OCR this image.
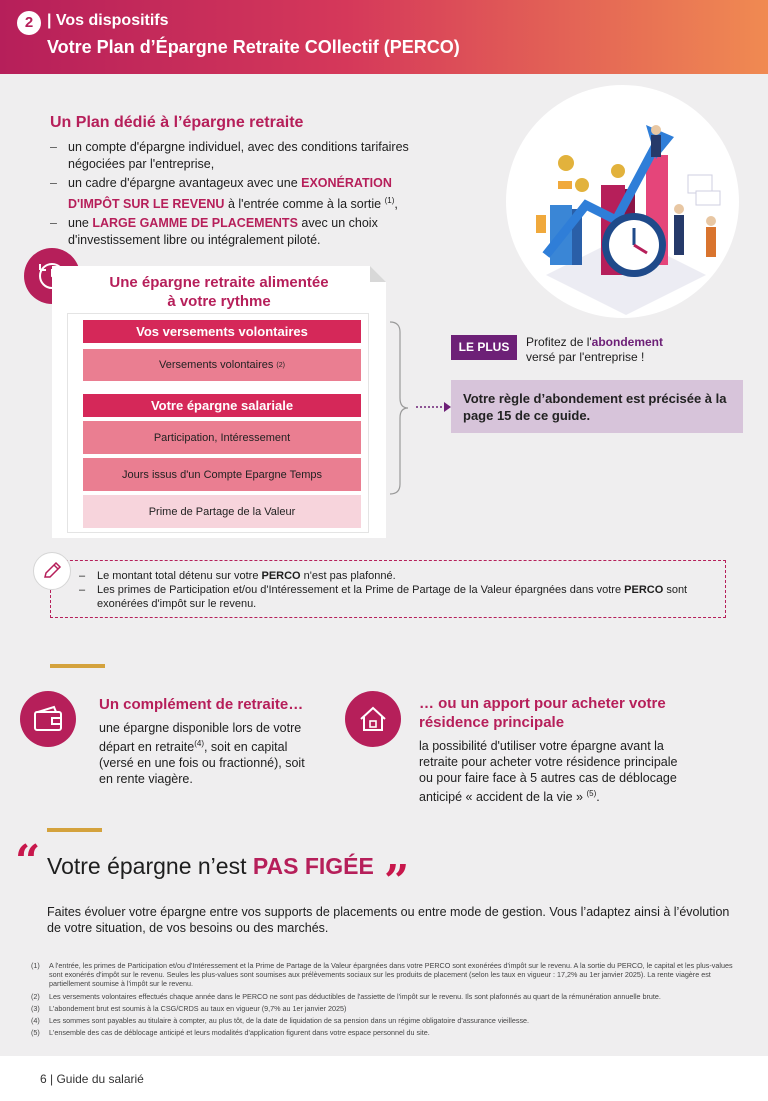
2 | Vos dispositifs
Votre Plan d’Épargne Retraite COllectif (PERCO)
Un Plan dédié à l’épargne retraite
– un compte d'épargne individuel, avec des conditions tarifaires négociées par l'entreprise,
– un cadre d'épargne avantageux avec une EXONÉRATION D'IMPÔT SUR LE REVENU à l'entrée comme à la sortie $^{(1)}$,
– une LARGE GAMME DE PLACEMENTS avec un choix d'investissement libre ou intégralement piloté.
Une épargne retraite alimentée
à votre rythme
Vos versements volontaires
Versements volontaires (2)
Votre épargne salariale
Participation, Intéressement
Jours issus d'un Compte Epargne Temps
Prime de Partage de la Valeur
LE PLUS	Profitez de l'abondement
versé par l'entreprise !
Votre règle d’abondement est précisée à la page 15 de ce guide.
– Le montant total détenu sur votre PERCO n'est pas plafonné.
– Les primes de Participation et/ou d'Intéressement et la Prime de Partage de la Valeur épargnées dans votre PERCO sont exonérées d'impôt sur le revenu.
Un complément de retraite…
une épargne disponible lors de votre départ en retraite$^{(4)}$, soit en capital (versé en une fois ou fractionné), soit en rente viagère.
… ou un apport pour acheter votre résidence principale
la possibilité d'utiliser votre épargne avant la retraite pour acheter votre résidence principale ou pour faire face à 5 autres cas de déblocage anticipé « accident de la vie » $^{(5)}$.
“ Votre épargne n’est PAS FIGÉE ”
Faites évoluer votre épargne entre vos supports de placements ou entre mode de gestion. Vous l’adaptez ainsi à l’évolution de votre situation, de vos besoins ou des marchés.
(1) A l'entrée, les primes de Participation et/ou d'Intéressement et la Prime de Partage de la Valeur épargnées dans votre PERCO sont exonérées d'impôt sur le revenu. A la sortie du PERCO, le capital et les plus-values sont exonérés d'impôt sur le revenu. Seules les plus-values sont soumises aux prélèvements sociaux sur les produits de placement (selon les taux en vigueur : 17,2% au 1er janvier 2025). La rente viagère est partiellement soumise à l'impôt sur le revenu.
(2) Les versements volontaires effectués chaque année dans le PERCO ne sont pas déductibles de l'assiette de l'impôt sur le revenu. Ils sont plafonnés au quart de la rémunération annuelle brute.
(3) L'abondement brut est soumis à la CSG/CRDS au taux en vigueur (9,7% au 1er janvier 2025)
(4) Les sommes sont payables au titulaire à compter, au plus tôt, de la date de liquidation de sa pension dans un régime obligatoire d'assurance vieillesse.
(5) L'ensemble des cas de déblocage anticipé et leurs modalités d'application figurent dans votre espace personnel du site.
6 | Guide du salarié
